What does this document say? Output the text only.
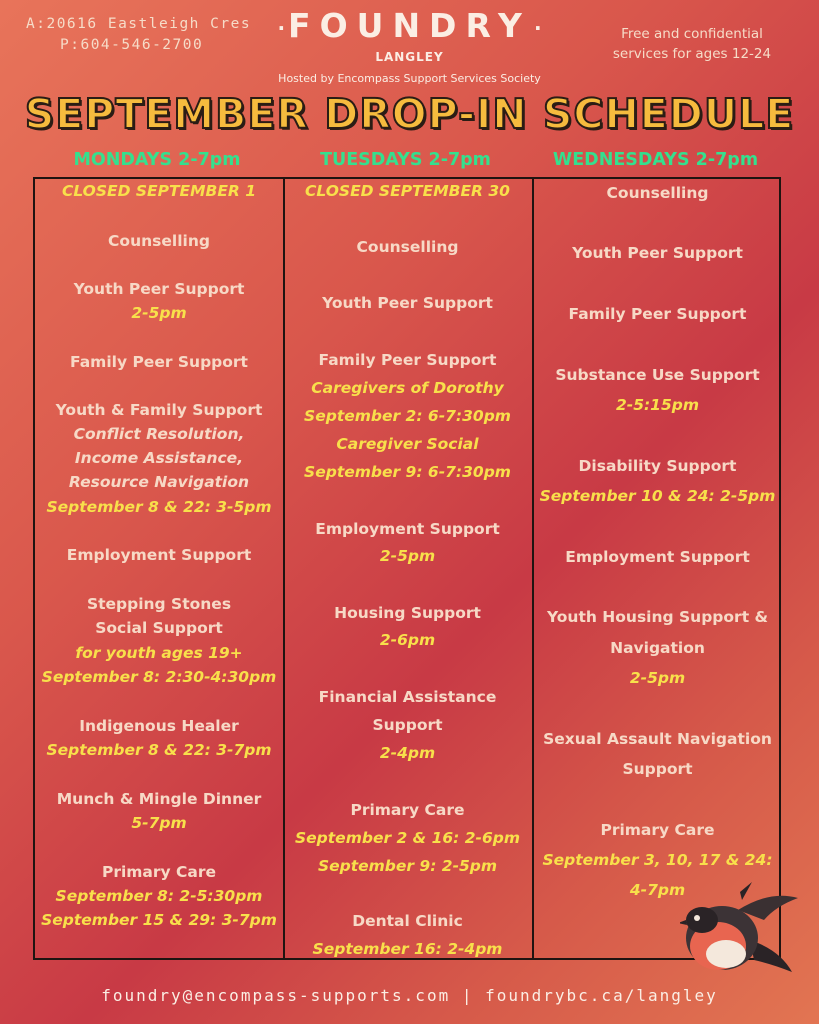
A:20616 Eastleigh Cres
P:604-546-2700
·FOUNDRY ·
LANGLEY
Hosted by Encompass Support Services Society
Free and confidential
services for ages 12-24
SEPTEMBER DROP-IN SCHEDULE
MONDAYS 2-7pm	TUESDAYS 2-7pm	WEDNESDAYS 2-7pm
CLOSED SEPTEMBER 1
Counselling
Youth Peer Support
2-5pm
Family Peer Support
Youth & Family Support
Conflict Resolution,
Income Assistance,
Resource Navigation
September 8 & 22: 3-5pm
Employment Support
Stepping Stones
Social Support
for youth ages 19+
September 8: 2:30-4:30pm
Indigenous Healer
September 8 & 22: 3-7pm
Munch & Mingle Dinner
5-7pm
Primary Care
September 8: 2-5:30pm
September 15 & 29: 3-7pm
CLOSED SEPTEMBER 30
Counselling
Youth Peer Support
Family Peer Support
Caregivers of Dorothy
September 2: 6-7:30pm
Caregiver Social
September 9: 6-7:30pm
Employment Support
2-5pm
Housing Support
2-6pm
Financial Assistance
Support
2-4pm
Primary Care
September 2 & 16: 2-6pm
September 9: 2-5pm
Dental Clinic
September 16: 2-4pm
Counselling
Youth Peer Support
Family Peer Support
Substance Use Support
2-5:15pm
Disability Support
September 10 & 24: 2-5pm
Employment Support
Youth Housing Support &
Navigation
2-5pm
Sexual Assault Navigation
Support
Primary Care
September 3, 10, 17 & 24:
4-7pm
foundry@encompass-supports.com | foundrybc.ca/langley
